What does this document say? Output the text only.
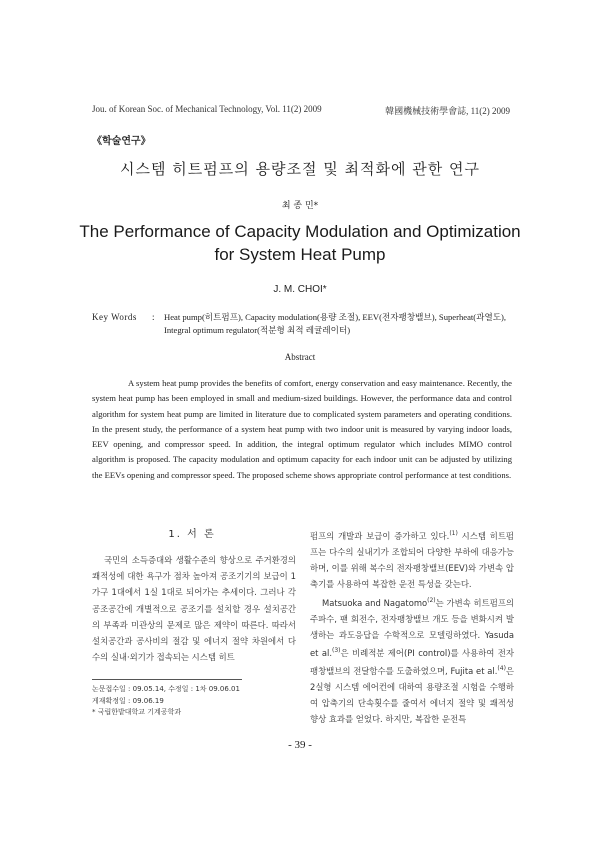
Jou. of Korean Soc. of Mechanical Technology, Vol. 11(2) 2009	韓國機械技術學會誌, 11(2) 2009
《학술연구》
시스템 히트펌프의 용량조절 및 최적화에 관한 연구
최 종 민*
The Performance of Capacity Modulation and Optimization
for System Heat Pump
J. M. CHOI*
Key Words : Heat pump(히트펌프), Capacity modulation(용량 조절), EEV(전자팽창밸브), Superheat(과열도), Integral optimum regulator(적분형 최적 레귤레이터)
Abstract
A system heat pump provides the benefits of comfort, energy conservation and easy maintenance. Recently, the system heat pump has been employed in small and medium-sized buildings. However, the performance data and control algorithm for system heat pump are limited in literature due to complicated system parameters and operating conditions. In the present study, the performance of a system heat pump with two indoor unit is measured by varying indoor loads, EEV opening, and compressor speed. In addition, the integral optimum regulator which includes MIMO control algorithm is proposed. The capacity modulation and optimum capacity for each indoor unit can be adjusted by utilizing the EEVs opening and compressor speed. The proposed scheme shows appropriate control performance at test conditions.
1. 서 론
국민의 소득증대와 생활수준의 향상으로 주거환경의 쾌적성에 대한 욕구가 점차 높아져 공조기기의 보급이 1가구 1대에서 1실 1대로 되어가는 추세이다. 그러나 각 공조공간에 개별적으로 공조기를 설치할 경우 설치공간의 부족과 미관상의 문제로 많은 제약이 따른다. 따라서 설치공간과 공사비의 절감 및 에너지 절약 차원에서 다수의 실내·외기가 접속되는 시스템 히트

펌프의 개발과 보급이 증가하고 있다.$^{(1)}$ 시스템 히트펌프는 다수의 실내기가 조합되어 다양한 부하에 대응가능하며, 이를 위해 복수의 전자팽창밸브(EEV)와 가변속 압축기를 사용하여 복잡한 운전 특성을 갖는다.

Matsuoka and Nagatomo$^{(2)}$는 가변속 히트펌프의 주파수, 팬 회전수, 전자팽창밸브 개도 등을 변화시켜 발생하는 과도응답을 수학적으로 모델링하였다. Yasuda et al.$^{(3)}$은 비례적분 제어(PI control)를 사용하여 전자팽창밸브의 전달함수를 도출하였으며, Fujita et al.$^{(4)}$은 2실형 시스템 에어컨에 대하여 용량조절 시험을 수행하여 압축기의 단속횟수를 줄여서 에너지 절약 및 쾌적성 향상 효과를 얻었다. 하지만, 복잡한 운전특

논문접수일 : 09.05.14, 수정일 : 1차 09.06.01
게재확정일 : 09.06.19
* 국립한밭대학교 기계공학과
- 39 -
